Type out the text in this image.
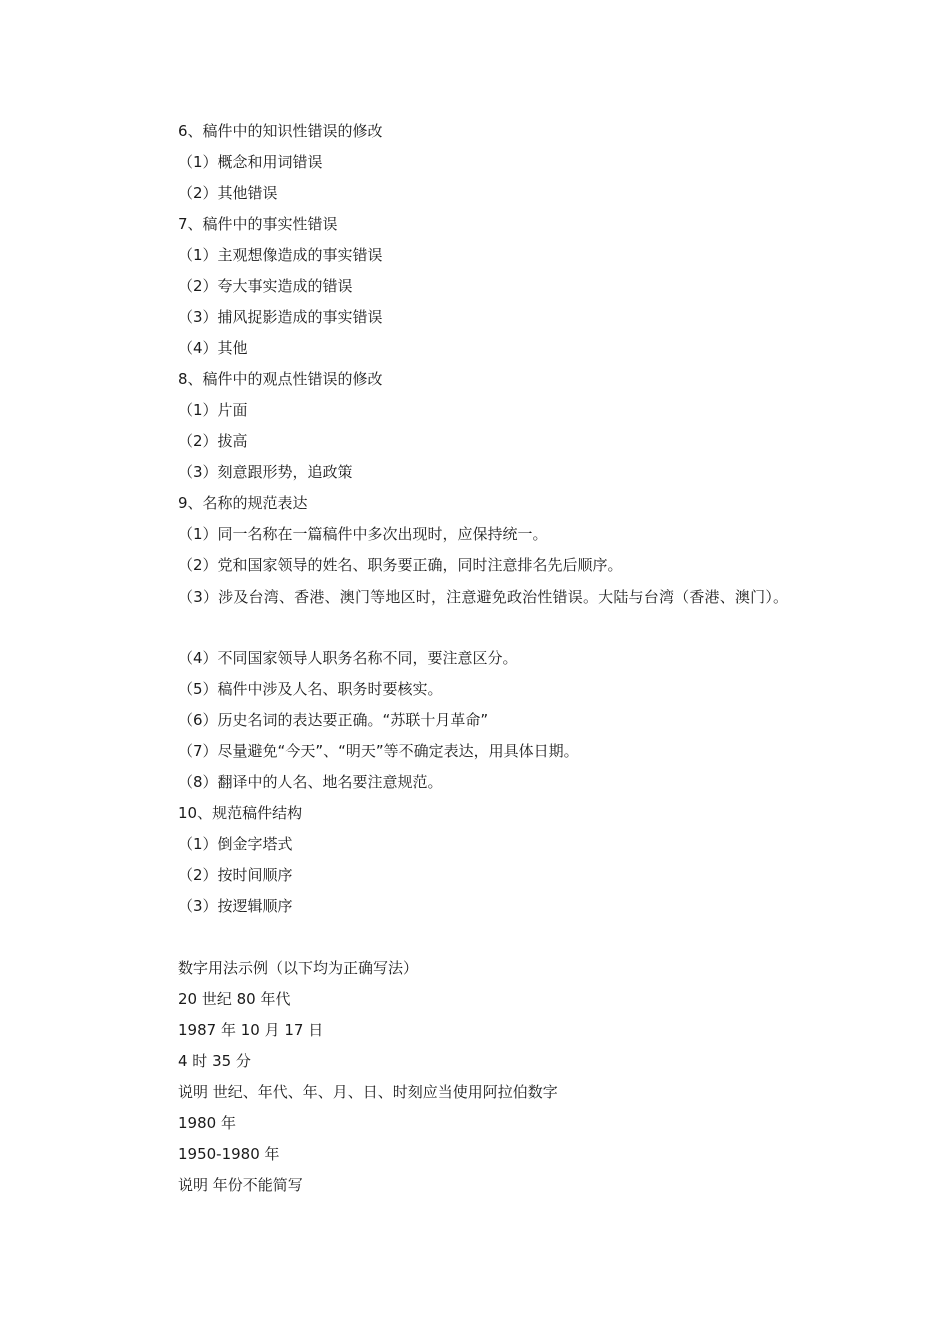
6、稿件中的知识性错误的修改
（1）概念和用词错误
（2）其他错误
7、稿件中的事实性错误
（1）主观想像造成的事实错误
（2）夸大事实造成的错误
（3）捕风捉影造成的事实错误
（4）其他
8、稿件中的观点性错误的修改
（1）片面
（2）拔高
（3）刻意跟形势，追政策
9、名称的规范表达
（1）同一名称在一篇稿件中多次出现时，应保持统一。
（2）党和国家领导的姓名、职务要正确，同时注意排名先后顺序。
（3）涉及台湾、香港、澳门等地区时，注意避免政治性错误。大陆与台湾（香港、澳门）。
（4）不同国家领导人职务名称不同，要注意区分。
（5）稿件中涉及人名、职务时要核实。
（6）历史名词的表达要正确。“苏联十月革命”
（7）尽量避免“今天”、“明天”等不确定表达，用具体日期。
（8）翻译中的人名、地名要注意规范。
10、规范稿件结构
（1）倒金字塔式
（2）按时间顺序
（3）按逻辑顺序
数字用法示例（以下均为正确写法）
20 世纪 80 年代
1987 年 10 月 17 日
4 时 35 分
说明 世纪、年代、年、月、日、时刻应当使用阿拉伯数字
1980 年
1950-1980 年
说明 年份不能简写
